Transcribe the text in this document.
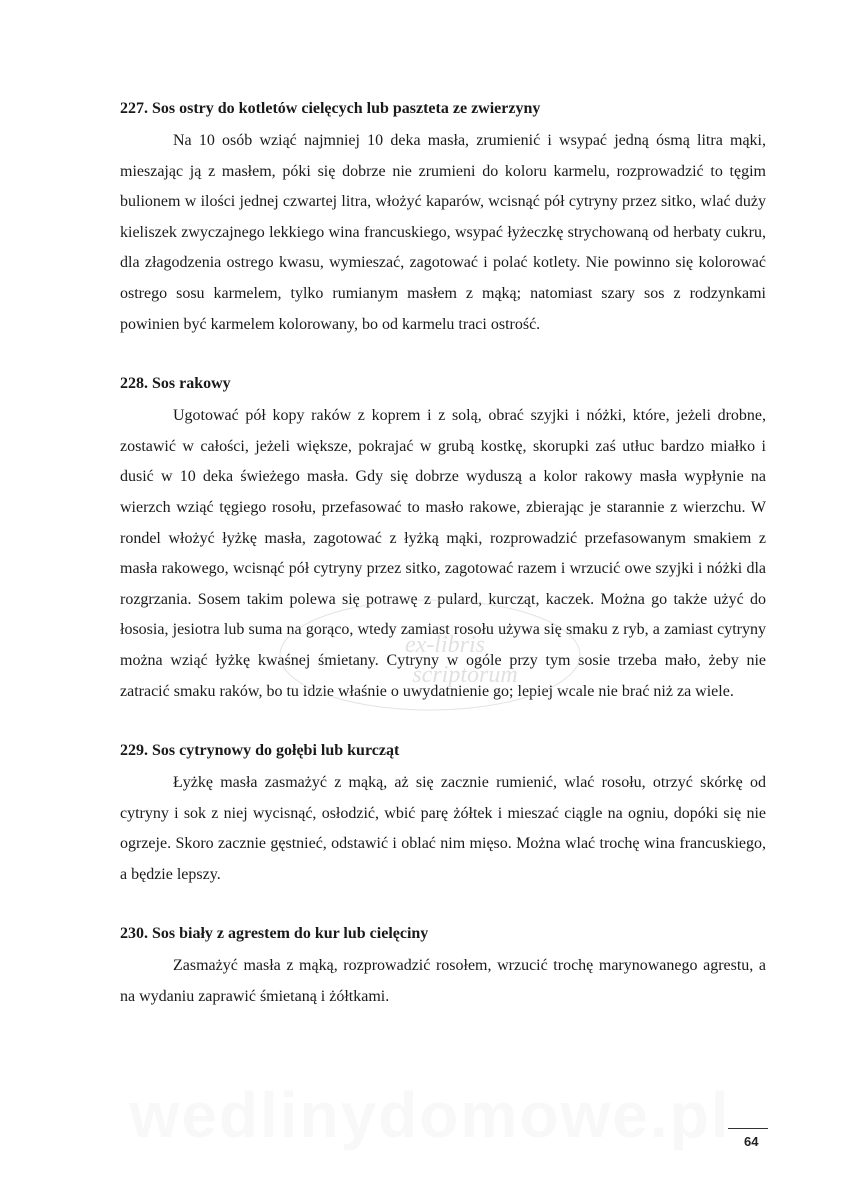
227. Sos ostry do kotletów cielęcych lub paszteta ze zwierzyny

Na 10 osób wziąć najmniej 10 deka masła, zrumienić i wsypać jedną ósmą litra mąki, mieszając ją z masłem, póki się dobrze nie zrumieni do koloru karmelu, rozprowadzić to tęgim bulionem w ilości jednej czwartej litra, włożyć kaparów, wcisnąć pół cytryny przez sitko, wlać duży kieliszek zwyczajnego lekkiego wina francuskiego, wsypać łyżeczkę strychowaną od herbaty cukru, dla złagodzenia ostrego kwasu, wymieszać, zagotować i polać kotlety. Nie powinno się kolorować ostrego sosu karmelem, tylko rumianym masłem z mąką; natomiast szary sos z rodzynkami powinien być karmelem kolorowany, bo od karmelu traci ostrość.

228. Sos rakowy

Ugotować pół kopy raków z koprem i z solą, obrać szyjki i nóżki, które, jeżeli drobne, zostawić w całości, jeżeli większe, pokrajać w grubą kostkę, skorupki zaś utłuc bardzo miałko i dusić w 10 deka świeżego masła. Gdy się dobrze wyduszą a kolor rakowy masła wypłynie na wierzch wziąć tęgiego rosołu, przefasować to masło rakowe, zbierając je starannie z wierzchu. W rondel włożyć łyżkę masła, zagotować z łyżką mąki, rozprowadzić przefasowanym smakiem z masła rakowego, wcisnąć pół cytryny przez sitko, zagotować razem i wrzucić owe szyjki i nóżki dla rozgrzania. Sosem takim polewa się potrawę z pulard, kurcząt, kaczek. Można go także użyć do łososia, jesiotra lub suma na gorąco, wtedy zamiast rosołu używa się smaku z ryb, a zamiast cytryny można wziąć łyżkę kwaśnej śmietany. Cytryny w ogóle przy tym sosie trzeba mało, żeby nie zatracić smaku raków, bo tu idzie właśnie o uwydatnienie go; lepiej wcale nie brać niż za wiele.

229. Sos cytrynowy do gołębi lub kurcząt

Łyżkę masła zasmażyć z mąką, aż się zacznie rumienić, wlać rosołu, otrzyć skórkę od cytryny i sok z niej wycisnąć, osłodzić, wbić parę żółtek i mieszać ciągle na ogniu, dopóki się nie ogrzeje. Skoro zacznie gęstnieć, odstawić i oblać nim mięso. Można wlać trochę wina francuskiego, a będzie lepszy.

230. Sos biały z agrestem do kur lub cielęciny

Zasmażyć masła z mąką, rozprowadzić rosołem, wrzucić trochę marynowanego agrestu, a na wydaniu zaprawić śmietaną i żółtkami.

ex-libris
scriptorum
wedlinydomowe.pl	64
